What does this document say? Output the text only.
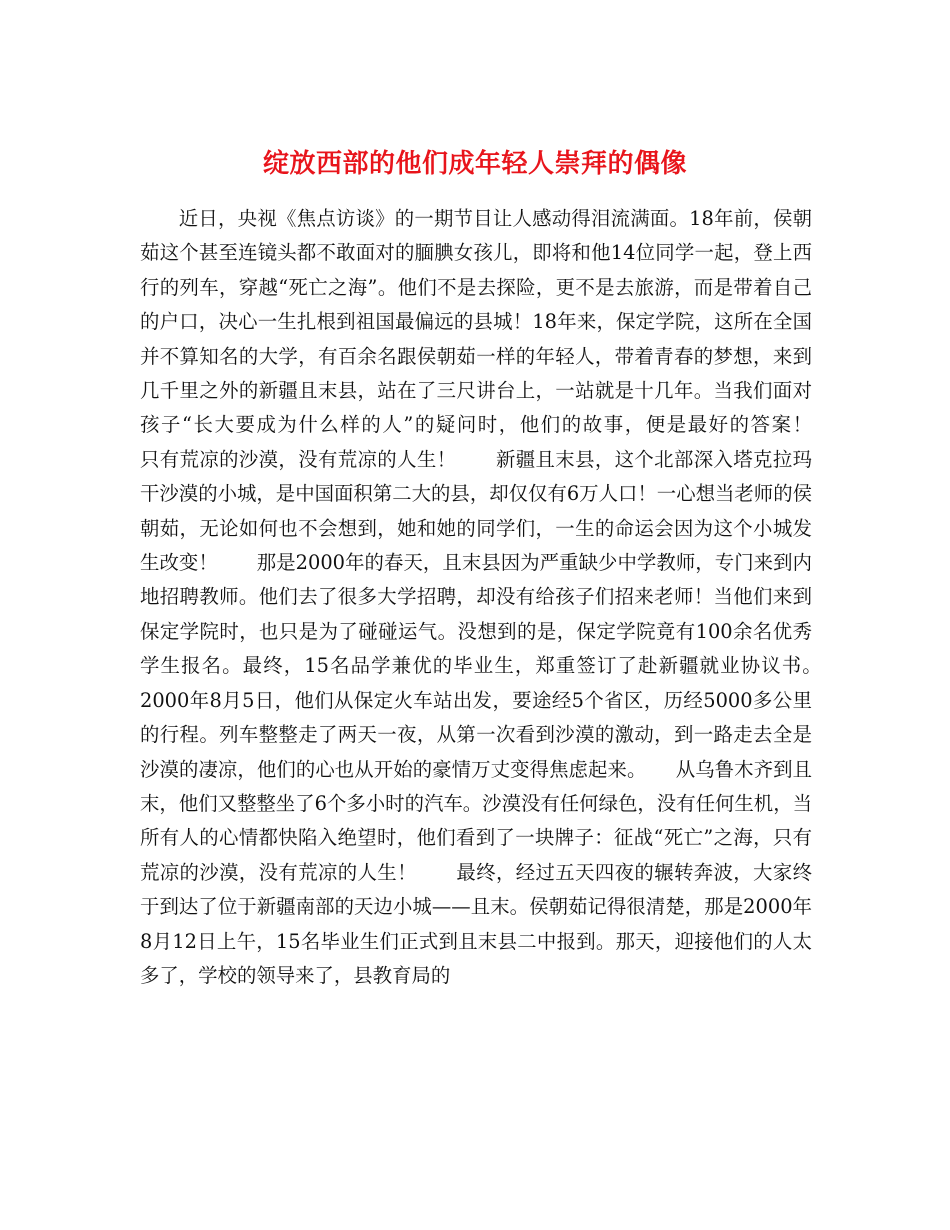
绽放西部的他们成年轻人崇拜的偶像

近日，央视《焦点访谈》的一期节目让人感动得泪流满面。18年前，侯朝茹这个甚至连镜头都不敢面对的腼腆女孩儿，即将和他14位同学一起，登上西行的列车，穿越“死亡之海”。他们不是去探险，更不是去旅游，而是带着自己的户口，决心一生扎根到祖国最偏远的县城！18年来，保定学院，这所在全国并不算知名的大学，有百余名跟侯朝茹一样的年轻人，带着青春的梦想，来到几千里之外的新疆且末县，站在了三尺讲台上，一站就是十几年。当我们面对孩子“长大要成为什么样的人”的疑问时，他们的故事，便是最好的答案！　　只有荒凉的沙漠，没有荒凉的人生！　　新疆且末县，这个北部深入塔克拉玛干沙漠的小城，是中国面积第二大的县，却仅仅有6万人口！一心想当老师的侯朝茹，无论如何也不会想到，她和她的同学们，一生的命运会因为这个小城发生改变！　　那是2000年的春天，且末县因为严重缺少中学教师，专门来到内地招聘教师。他们去了很多大学招聘，却没有给孩子们招来老师！当他们来到保定学院时，也只是为了碰碰运气。没想到的是，保定学院竟有100余名优秀学生报名。最终，15名品学兼优的毕业生，郑重签订了赴新疆就业协议书。　　2000年8月5日，他们从保定火车站出发，要途经5个省区，历经5000多公里的行程。列车整整走了两天一夜，从第一次看到沙漠的激动，到一路走去全是沙漠的凄凉，他们的心也从开始的豪情万丈变得焦虑起来。　　从乌鲁木齐到且末，他们又整整坐了6个多小时的汽车。沙漠没有任何绿色，没有任何生机，当所有人的心情都快陷入绝望时，他们看到了一块牌子：征战“死亡”之海，只有荒凉的沙漠，没有荒凉的人生！　　最终，经过五天四夜的辗转奔波，大家终于到达了位于新疆南部的天边小城——且末。侯朝茹记得很清楚，那是2000年8月12日上午，15名毕业生们正式到且末县二中报到。那天，迎接他们的人太多了，学校的领导来了，县教育局的
